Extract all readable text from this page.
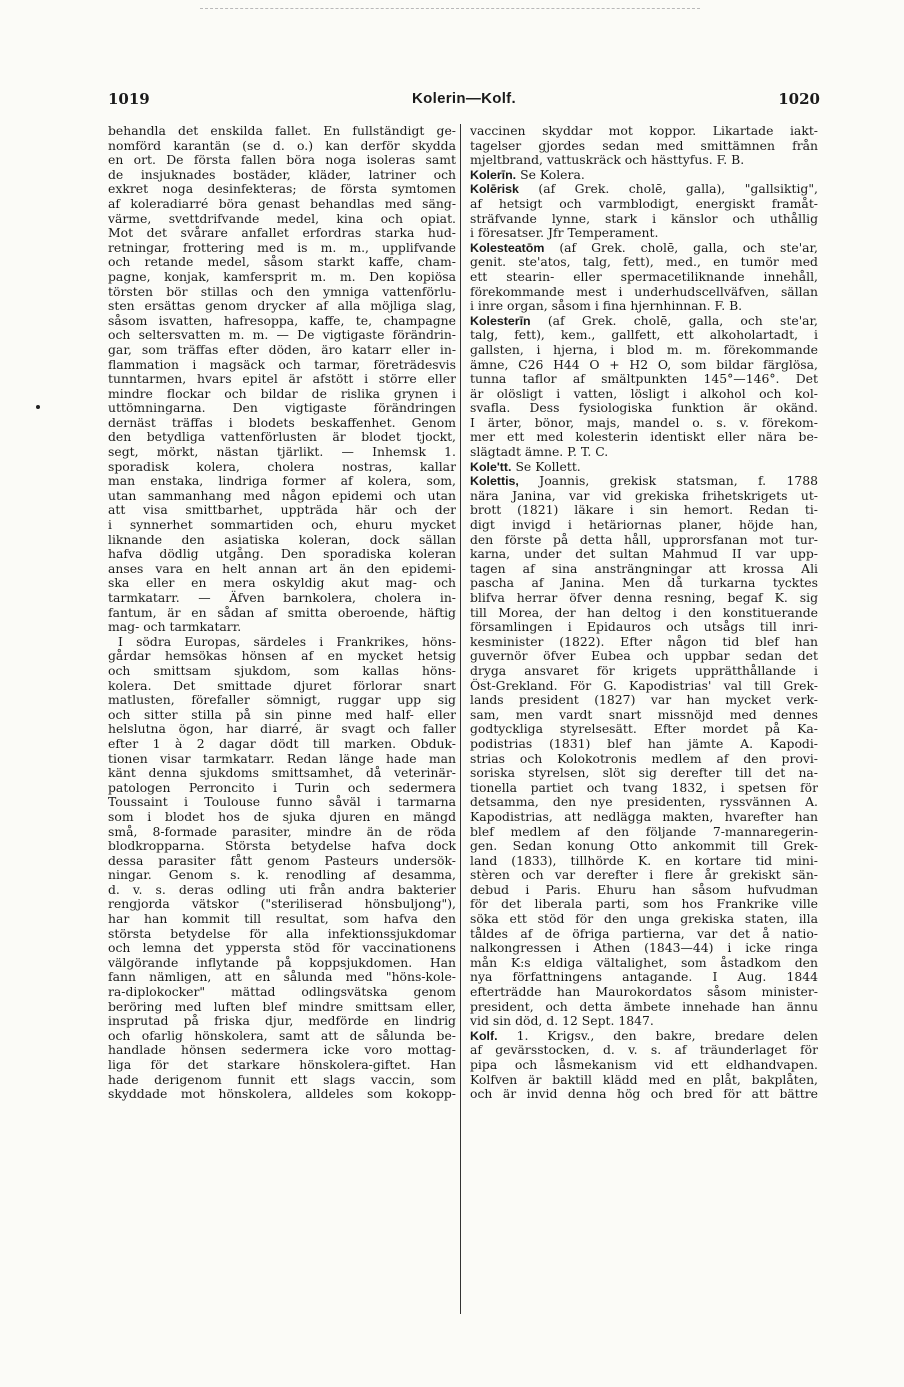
1019	Kolerin—Kolf.	1020
behandla det enskilda fallet. En fullständigt ge-
nomförd karantän (se d. o.) kan derför skydda
en ort. De första fallen böra noga isoleras samt
de insjuknades bostäder, kläder, latriner och
exkret noga desinfekteras; de första symtomen
af koleradiarré böra genast behandlas med säng-
värme, svettdrifvande medel, kina och opiat.
Mot det svårare anfallet erfordras starka hud-
retningar, frottering med is m. m., upplifvande
och retande medel, såsom starkt kaffe, cham-
pagne, konjak, kamfersprit m. m. Den kopiösa
törsten bör stillas och den ymniga vattenförlu-
sten ersättas genom drycker af alla möjliga slag,
såsom isvatten, hafresoppa, kaffe, te, champagne
och seltersvatten m. m. — De vigtigaste förändrin-
gar, som träffas efter döden, äro katarr eller in-
flammation i magsäck och tarmar, företrädesvis
tunntarmen, hvars epitel är afstött i större eller
mindre flockar och bildar de rislika grynen i
uttömningarna. Den vigtigaste förändringen
dernäst träffas i blodets beskaffenhet. Genom
den betydliga vattenförlusten är blodet tjockt,
segt, mörkt, nästan tjärlikt. — Inhemsk 1.
sporadisk kolera, cholera nostras, kallar
man enstaka, lindriga former af kolera, som,
utan sammanhang med någon epidemi och utan
att visa smittbarhet, uppträda här och der
i synnerhet sommartiden och, ehuru mycket
liknande den asiatiska koleran, dock sällan
hafva dödlig utgång. Den sporadiska koleran
anses vara en helt annan art än den epidemi-
ska eller en mera oskyldig akut mag- och
tarmkatarr. — Äfven barnkolera, cholera in-
fantum, är en sådan af smitta oberoende, häftig
mag- och tarmkatarr.
I södra Europas, särdeles i Frankrikes, höns-
gårdar hemsökas hönsen af en mycket hetsig
och smittsam sjukdom, som kallas höns-
kolera. Det smittade djuret förlorar snart
matlusten, förefaller sömnigt, ruggar upp sig
och sitter stilla på sin pinne med half- eller
helslutna ögon, har diarré, är svagt och faller
efter 1 à 2 dagar dödt till marken. Obduk-
tionen visar tarmkatarr. Redan länge hade man
känt denna sjukdoms smittsamhet, då veterinär-
patologen Perroncito i Turin och sedermera
Toussaint i Toulouse funno såväl i tarmarna
som i blodet hos de sjuka djuren en mängd
små, 8-formade parasiter, mindre än de röda
blodkropparna. Största betydelse hafva dock
dessa parasiter fått genom Pasteurs undersök-
ningar. Genom s. k. renodling af desamma,
d. v. s. deras odling uti från andra bakterier
rengjorda vätskor ("steriliserad hönsbuljong"),
har han kommit till resultat, som hafva den
största betydelse för alla infektionssjukdomar
och lemna det yppersta stöd för vaccinationens
välgörande inflytande på koppsjukdomen. Han
fann nämligen, att en sålunda med "höns-kole-
ra-diplokocker" mättad odlingsvätska genom
beröring med luften blef mindre smittsam eller,
insprutad på friska djur, medförde en lindrig
och ofarlig hönskolera, samt att de sålunda be-
handlade hönsen sedermera icke voro mottag-
liga för det starkare hönskolera-giftet. Han
hade derigenom funnit ett slags vaccin, som
skyddade mot hönskolera, alldeles som kokopp-
vaccinen skyddar mot koppor. Likartade iakt-
tagelser gjordes sedan med smittämnen från
mjeltbrand, vattuskräck och hästtyfus. F. B.
Kolerīn. Se Kolera.
Kolērisk (af Grek. cholē, galla), "gallsiktig",
af hetsigt och varmblodigt, energiskt framåt-
sträfvande lynne, stark i känslor och uthållig
i föresatser. Jfr Temperament.
Kolesteatōm (af Grek. cholē, galla, och ste'ar,
genit. ste'atos, talg, fett), med., en tumör med
ett stearin- eller spermacetiliknande innehåll,
förekommande mest i underhudscellväfven, sällan
i inre organ, såsom i fina hjernhinnan. F. B.
Kolesterīn (af Grek. cholē, galla, och ste'ar,
talg, fett), kem., gallfett, ett alkoholartadt, i
gallsten, i hjerna, i blod m. m. förekommande
ämne, C26 H44 O + H2 O, som bildar färglösa,
tunna taflor af smältpunkten 145°—146°. Det
är olösligt i vatten, lösligt i alkohol och kol-
svafla. Dess fysiologiska funktion är okänd.
I ärter, bönor, majs, mandel o. s. v. förekom-
mer ett med kolesterin identiskt eller nära be-
slägtadt ämne. P. T. C.
Kole'tt. Se Kollett.
Kolettis, Joannis, grekisk statsman, f. 1788
nära Janina, var vid grekiska frihetskrigets ut-
brott (1821) läkare i sin hemort. Redan ti-
digt invigd i hetäriornas planer, höjde han,
den förste på detta håll, upprorsfanan mot tur-
karna, under det sultan Mahmud II var upp-
tagen af sina ansträngningar att krossa Ali
pascha af Janina. Men då turkarna tycktes
blifva herrar öfver denna resning, begaf K. sig
till Morea, der han deltog i den konstituerande
församlingen i Epidauros och utsågs till inri-
kesminister (1822). Efter någon tid blef han
guvernör öfver Eubea och uppbar sedan det
dryga ansvaret för krigets upprätthållande i
Öst-Grekland. För G. Kapodistrias' val till Grek-
lands president (1827) var han mycket verk-
sam, men vardt snart missnöjd med dennes
godtyckliga styrelsesätt. Efter mordet på Ka-
podistrias (1831) blef han jämte A. Kapodi-
strias och Kolokotronis medlem af den provi-
soriska styrelsen, slöt sig derefter till det na-
tionella partiet och tvang 1832, i spetsen för
detsamma, den nye presidenten, ryssvännen A.
Kapodistrias, att nedlägga makten, hvarefter han
blef medlem af den följande 7-mannaregerin-
gen. Sedan konung Otto ankommit till Grek-
land (1833), tillhörde K. en kortare tid mini-
stèren och var derefter i flere år grekiskt sän-
debud i Paris. Ehuru han såsom hufvudman
för det liberala parti, som hos Frankrike ville
söka ett stöd för den unga grekiska staten, illa
tåldes af de öfriga partierna, var det å natio-
nalkongressen i Athen (1843—44) i icke ringa
mån K:s eldiga vältalighet, som åstadkom den
nya författningens antagande. I Aug. 1844
efterträdde han Maurokordatos såsom minister-
president, och detta ämbete innehade han ännu
vid sin död, d. 12 Sept. 1847.
Kolf. 1. Krigsv., den bakre, bredare delen
af gevärsstocken, d. v. s. af träunderlaget för
pipa och låsmekanism vid ett eldhandvapen.
Kolfven är baktill klädd med en plåt, bakplåten,
och är invid denna hög och bred för att bättre
